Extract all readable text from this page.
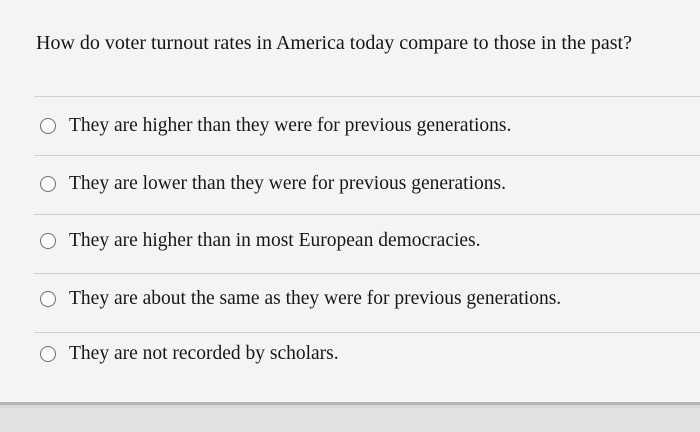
How do voter turnout rates in America today compare to those in the past?
They are higher than they were for previous generations.
They are lower than they were for previous generations.
They are higher than in most European democracies.
They are about the same as they were for previous generations.
They are not recorded by scholars.
